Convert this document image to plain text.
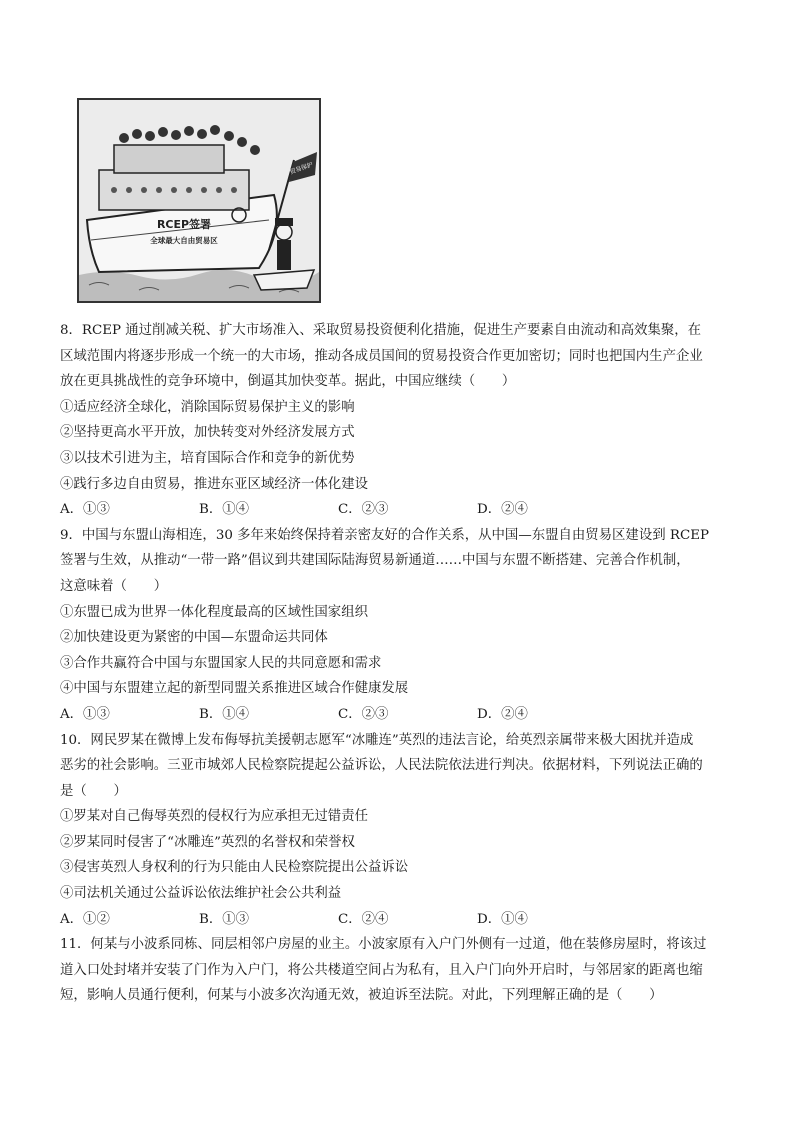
RCEP签署
全球最大自由贸易区
贸易保护
8．RCEP 通过削减关税、扩大市场准入、采取贸易投资便利化措施，促进生产要素自由流动和高效集聚，在
区域范围内将逐步形成一个统一的大市场，推动各成员国间的贸易投资合作更加密切；同时也把国内生产企业
放在更具挑战性的竞争环境中，倒逼其加快变革。据此，中国应继续（　　）
①适应经济全球化，消除国际贸易保护主义的影响
②坚持更高水平开放，加快转变对外经济发展方式
③以技术引进为主，培育国际合作和竞争的新优势
④践行多边自由贸易，推进东亚区域经济一体化建设
A．①③	B．①④	C．②③	D．②④
9．中国与东盟山海相连，30 多年来始终保持着亲密友好的合作关系，从中国—东盟自由贸易区建设到 RCEP
签署与生效，从推动“一带一路”倡议到共建国际陆海贸易新通道……中国与东盟不断搭建、完善合作机制，
这意味着（　　）
①东盟已成为世界一体化程度最高的区域性国家组织
②加快建设更为紧密的中国—东盟命运共同体
③合作共赢符合中国与东盟国家人民的共同意愿和需求
④中国与东盟建立起的新型同盟关系推进区域合作健康发展
A．①③	B．①④	C．②③	D．②④
10．网民罗某在微博上发布侮辱抗美援朝志愿军“冰雕连”英烈的违法言论，给英烈亲属带来极大困扰并造成
恶劣的社会影响。三亚市城郊人民检察院提起公益诉讼，人民法院依法进行判决。依据材料，下列说法正确的
是（　　）
①罗某对自己侮辱英烈的侵权行为应承担无过错责任
②罗某同时侵害了“冰雕连”英烈的名誉权和荣誉权
③侵害英烈人身权利的行为只能由人民检察院提出公益诉讼
④司法机关通过公益诉讼依法维护社会公共利益
A．①②	B．①③	C．②④	D．①④
11．何某与小波系同栋、同层相邻户房屋的业主。小波家原有入户门外侧有一过道，他在装修房屋时，将该过
道入口处封堵并安装了门作为入户门，将公共楼道空间占为私有，且入户门向外开启时，与邻居家的距离也缩
短，影响人员通行便利，何某与小波多次沟通无效，被迫诉至法院。对此，下列理解正确的是（　　）
